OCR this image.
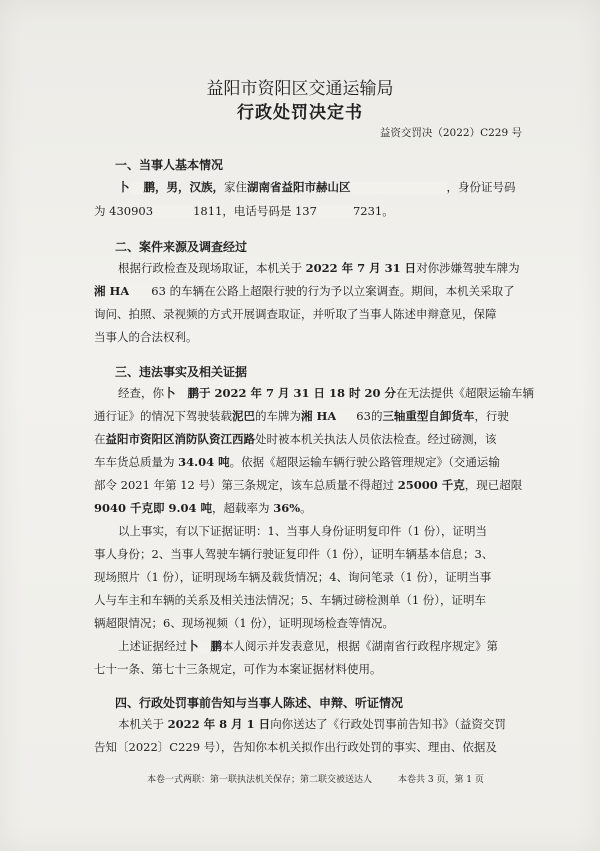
益阳市资阳区交通运输局
行政处罚决定书
益资交罚决（2022）C229 号
一、当事人基本情况
卜 鹏，男，汉族，家住湖南省益阳市赫山区	，身份证号码
为 430903	1811，电话号码是 137	7231。
二、案件来源及调查经过
根据行政检查及现场取证，本机关于 2022 年 7 月 31 日对你涉嫌驾驶车牌为
湘 HA 63 的车辆在公路上超限行驶的行为予以立案调查。期间，本机关采取了
询问、拍照、录视频的方式开展调查取证，并听取了当事人陈述申辩意见，保障
当事人的合法权利。
三、违法事实及相关证据
经查，你卜 鹏于 2022 年 7 月 31 日 18 时 20 分在无法提供《超限运输车辆
通行证》的情况下驾驶装载泥巴的车牌为湘 HA 63的三轴重型自卸货车，行驶
在益阳市资阳区消防队资江西路处时被本机关执法人员依法检查。经过磅测，该
车车货总质量为 34.04 吨。依据《超限运输车辆行驶公路管理规定》（交通运输
部令 2021 年第 12 号）第三条规定，该车总质量不得超过 25000 千克，现已超限
9040 千克即 9.04 吨，超载率为 36%。
以上事实，有以下证据证明：1、当事人身份证明复印件（1 份），证明当
事人身份；2、当事人驾驶车辆行驶证复印件（1 份），证明车辆基本信息；3、
现场照片（1 份），证明现场车辆及载货情况；4、询问笔录（1 份），证明当事
人与车主和车辆的关系及相关违法情况；5、车辆过磅检测单（1 份），证明车
辆超限情况；6、现场视频（1 份），证明现场检查等情况。
上述证据经过卜 鹏本人阅示并发表意见，根据《湖南省行政程序规定》第
七十一条、第七十三条规定，可作为本案证据材料使用。
四、行政处罚事前告知与当事人陈述、申辩、听证情况
本机关于 2022 年 8 月 1 日向你送达了《行政处罚事前告知书》（益资交罚
告知〔2022〕C229 号），告知你本机关拟作出行政处罚的事实、理由、依据及
本卷一式两联：第一联执法机关保存；第二联交被送达人	本卷共 3 页，第 1 页
